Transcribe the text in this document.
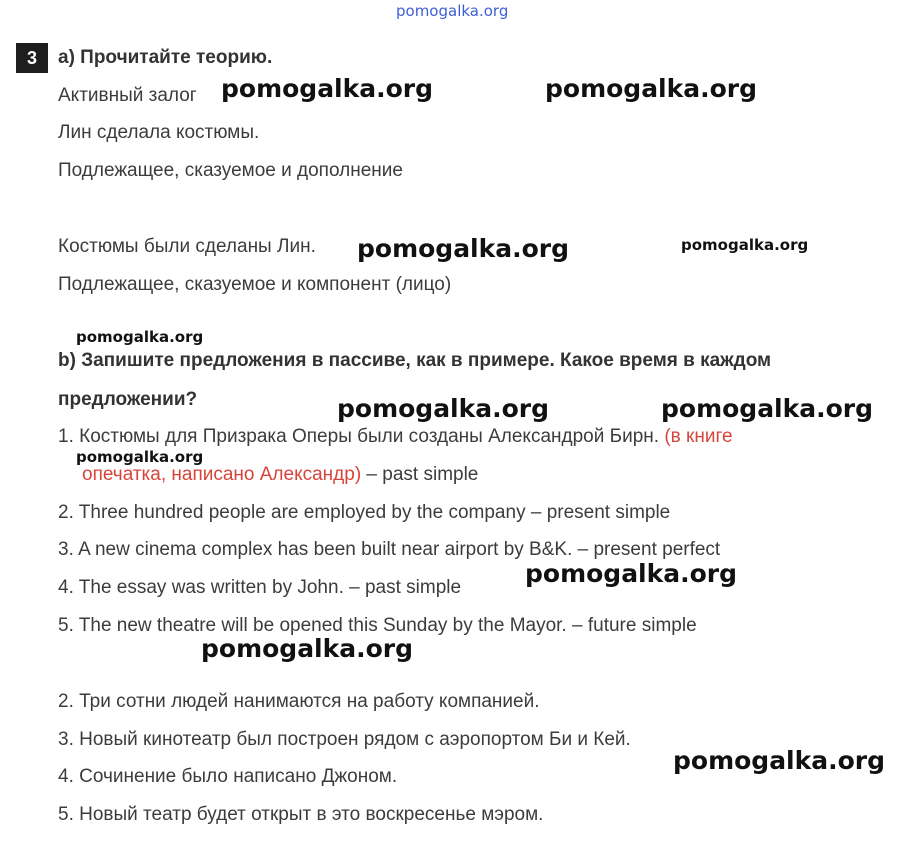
pomogalka.org
3	a) Прочитайте теорию.
Активный залог
Лин сделала костюмы.
Подлежащее, сказуемое и дополнение
Костюмы были сделаны Лин.
Подлежащее, сказуемое и компонент (лицо)
b) Запишите предложения в пассиве, как в примере. Какое время в каждом
предложении?
1. Костюмы для Призрака Оперы были созданы Александрой Бирн. (в книге
опечатка, написано Александр) – past simple
2. Three hundred people are employed by the company – present simple
3. A new cinema complex has been built near airport by B&K. – present perfect
4. The essay was written by John. – past simple
5. The new theatre will be opened this Sunday by the Mayor. – future simple
2. Три сотни людей нанимаются на работу компанией.
3. Новый кинотеатр был построен рядом с аэропортом Би и Кей.
4. Сочинение было написано Джоном.
5. Новый театр будет открыт в это воскресенье мэром.
pomogalka.org	pomogalka.org
pomogalka.org	pomogalka.org
pomogalka.org
pomogalka.org	pomogalka.org
pomogalka.org
pomogalka.org
pomogalka.org
pomogalka.org
